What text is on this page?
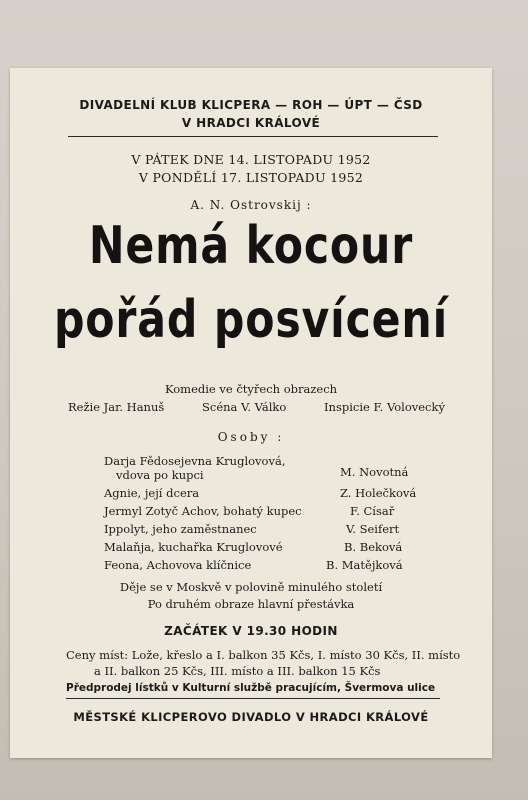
DIVADELNÍ KLUB KLICPERA — ROH — ÚPT — ČSD
V HRADCI KRÁLOVÉ
V PÁTEK DNE 14. LISTOPADU 1952
V PONDĚLÍ 17. LISTOPADU 1952
A. N. Ostrovskij :
Nemá kocour
pořád posvícení
Komedie ve čtyřech obrazech
Režie Jar. Hanuš	Scéna V. Válko	Inspicie F. Volovecký
Osoby :
Darja Fědosejevna Kruglovová,
vdova po kupci	M. Novotná
Agnie, její dcera	Z. Holečková
Jermyl Zotyč Achov, bohatý kupec	F. Císař
Ippolyt, jeho zaměstnanec	V. Seifert
Malaňja, kuchařka Kruglovové	B. Beková
Feona, Achovova klíčnice	B. Matějková
Děje se v Moskvě v polovině minulého století
Po druhém obraze hlavní přestávka
ZAČÁTEK V 19.30 HODIN
Ceny míst: Lože, křeslo a I. balkon 35 Kčs, I. místo 30 Kčs, II. místo
a II. balkon 25 Kčs, III. místo a III. balkon 15 Kčs
Předprodej lístků v Kulturní službě pracujícím, Švermova ulice
MĚSTSKÉ KLICPEROVO DIVADLO V HRADCI KRÁLOVÉ
